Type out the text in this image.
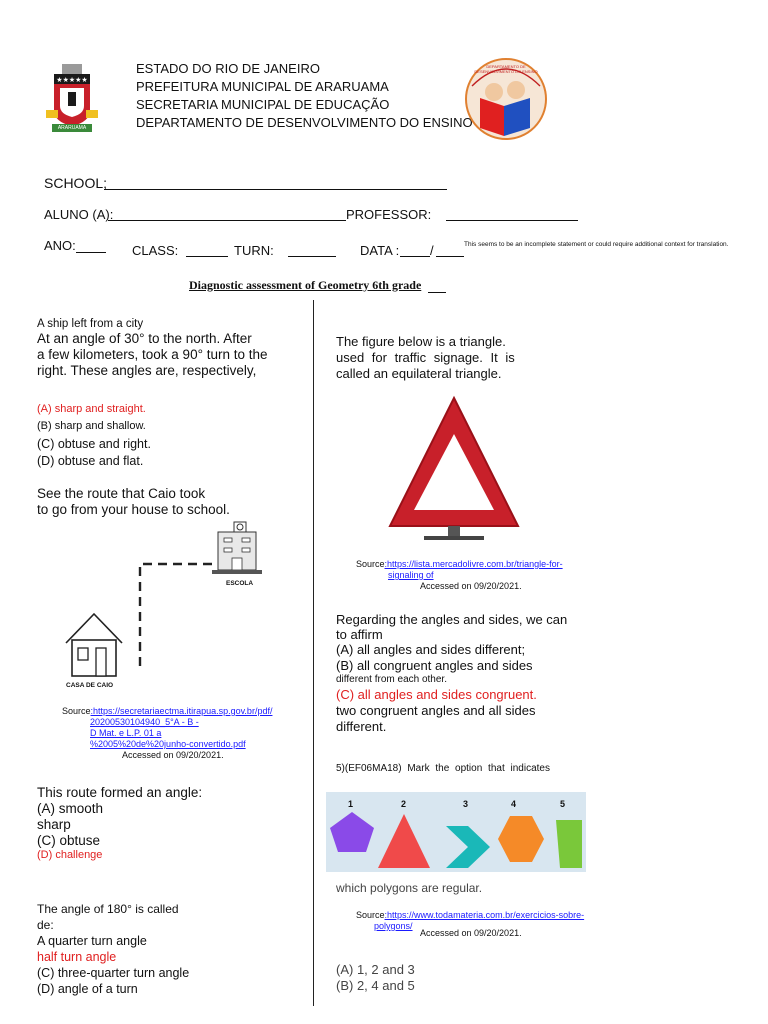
★★★★★
ARARUAMA
ESTADO DO RIO DE JANEIRO
PREFEITURA MUNICIPAL DE ARARUAMA
SECRETARIA MUNICIPAL DE EDUCAÇÃO
DEPARTAMENTO DE DESENVOLVIMENTO DO ENSINO
DEPARTAMENTO DE DESENVOLVIMENTO DO ENSINO
SCHOOL;
ALUNO (A):	PROFESSOR:
ANO:	CLASS:	TURN:	DATA : /	This seems to be an incomplete statement or could require additional context for translation.
Diagnostic assessment of Geometry 6th grade
A ship left from a city
At an angle of 30° to the north. After
a few kilometers, took a 90° turn to the
right. These angles are, respectively,
(A) sharp and straight.
(B) sharp and shallow.
(C) obtuse and right.
(D) obtuse and flat.
See the route that Caio took
to go from your house to school.
ESCOLA
CASA DE CAIO
Source:https://secretariaectma.itirapua.sp.gov.br/pdf/
20200530104940_5°A - B -
D Mat. e L.P. 01 a
%2005%20de%20junho-convertido.pdf
Accessed on 09/20/2021.
This route formed an angle:
(A) smooth
sharp
(C) obtuse
(D) challenge
The angle of 180° is called
de:
A quarter turn angle
half turn angle
(C) three-quarter turn angle
(D) angle of a turn
The figure below is a triangle.
used for traffic signage. It is
called an equilateral triangle.
Source:https://lista.mercadolivre.com.br/triangle-for-
signaling of
Accessed on 09/20/2021.
Regarding the angles and sides, we can
to affirm
(A) all angles and sides different;
(B) all congruent angles and sides
different from each other.
(C) all angles and sides congruent.
two congruent angles and all sides
different.
5)(EF06MA18) Mark the option that indicates
1	2	3	4	5
which polygons are regular.
Source:https://www.todamateria.com.br/exercicios-sobre-
polygons/
Accessed on 09/20/2021.
(A) 1, 2 and 3
(B) 2, 4 and 5
